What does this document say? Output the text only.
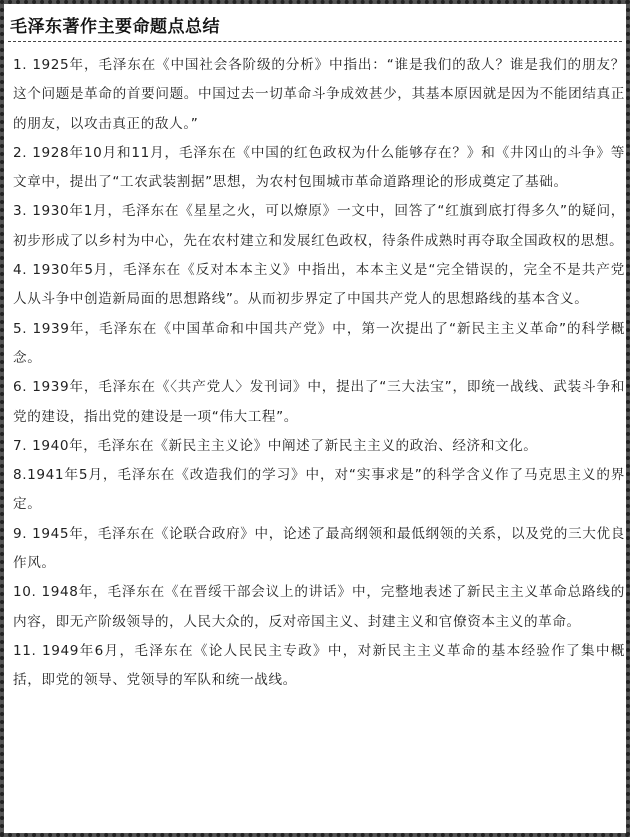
毛泽东著作主要命题点总结

1. 1925年，毛泽东在《中国社会各阶级的分析》中指出：“谁是我们的敌人？谁是我们的朋友？这个问题是革命的首要问题。中国过去一切革命斗争成效甚少，其基本原因就是因为不能团结真正的朋友，以攻击真正的敌人。”

2. 1928年10月和11月，毛泽东在《中国的红色政权为什么能够存在？》和《井冈山的斗争》等文章中，提出了“工农武装割据”思想，为农村包围城市革命道路理论的形成奠定了基础。

3. 1930年1月，毛泽东在《星星之火，可以燎原》一文中，回答了“红旗到底打得多久”的疑问，初步形成了以乡村为中心，先在农村建立和发展红色政权，待条件成熟时再夺取全国政权的思想。

4. 1930年5月，毛泽东在《反对本本主义》中指出，本本主义是“完全错误的，完全不是共产党人从斗争中创造新局面的思想路线”。从而初步界定了中国共产党人的思想路线的基本含义。

5. 1939年，毛泽东在《中国革命和中国共产党》中，第一次提出了“新民主主义革命”的科学概念。

6. 1939年，毛泽东在《〈共产党人〉发刊词》中，提出了“三大法宝”，即统一战线、武装斗争和党的建设，指出党的建设是一项“伟大工程”。

7. 1940年，毛泽东在《新民主主义论》中阐述了新民主主义的政治、经济和文化。

8.1941年5月，毛泽东在《改造我们的学习》中，对“实事求是”的科学含义作了马克思主义的界定。

9. 1945年，毛泽东在《论联合政府》中，论述了最高纲领和最低纲领的关系，以及党的三大优良作风。

10. 1948年，毛泽东在《在晋绥干部会议上的讲话》中，完整地表述了新民主主义革命总路线的内容，即无产阶级领导的，人民大众的，反对帝国主义、封建主义和官僚资本主义的革命。

11. 1949年6月，毛泽东在《论人民民主专政》中，对新民主主义革命的基本经验作了集中概括，即党的领导、党领导的军队和统一战线。
